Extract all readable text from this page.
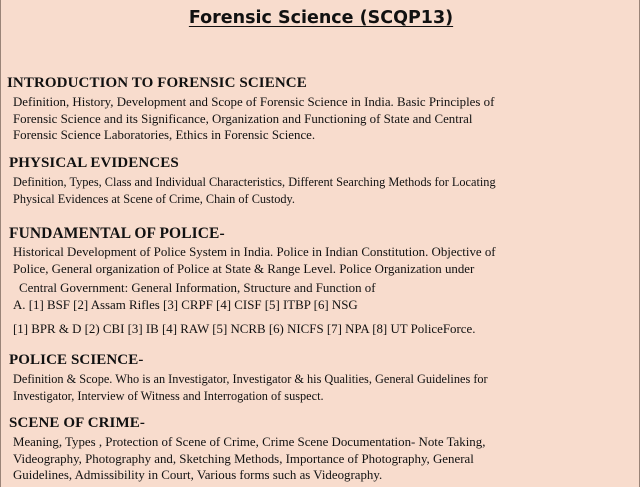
Forensic Science (SCQP13)

INTRODUCTION TO FORENSIC SCIENCE

Definition, History, Development and Scope of Forensic Science in India. Basic Principles of

Forensic Science and its Significance, Organization and Functioning of State and Central

Forensic Science Laboratories, Ethics in Forensic Science.

PHYSICAL EVIDENCES

Definition, Types, Class and Individual Characteristics, Different Searching Methods for Locating

Physical Evidences at Scene of Crime, Chain of Custody.

FUNDAMENTAL OF POLICE-

Historical Development of Police System in India. Police in Indian Constitution. Objective of

Police, General organization of Police at State & Range Level. Police Organization under

Central Government: General Information, Structure and Function of

A. [1] BSF [2] Assam Rifles [3] CRPF [4] CISF [5] ITBP [6] NSG

[1] BPR & D [2) CBI [3] IB [4] RAW [5] NCRB [6) NICFS [7] NPA [8] UT PoliceForce.

POLICE SCIENCE-

Definition & Scope. Who is an Investigator, Investigator & his Qualities, General Guidelines for

Investigator, Interview of Witness and Interrogation of suspect.

SCENE OF CRIME-

Meaning, Types , Protection of Scene of Crime, Crime Scene Documentation- Note Taking,

Videography, Photography and, Sketching Methods, Importance of Photography, General

Guidelines, Admissibility in Court, Various forms such as Videography.
